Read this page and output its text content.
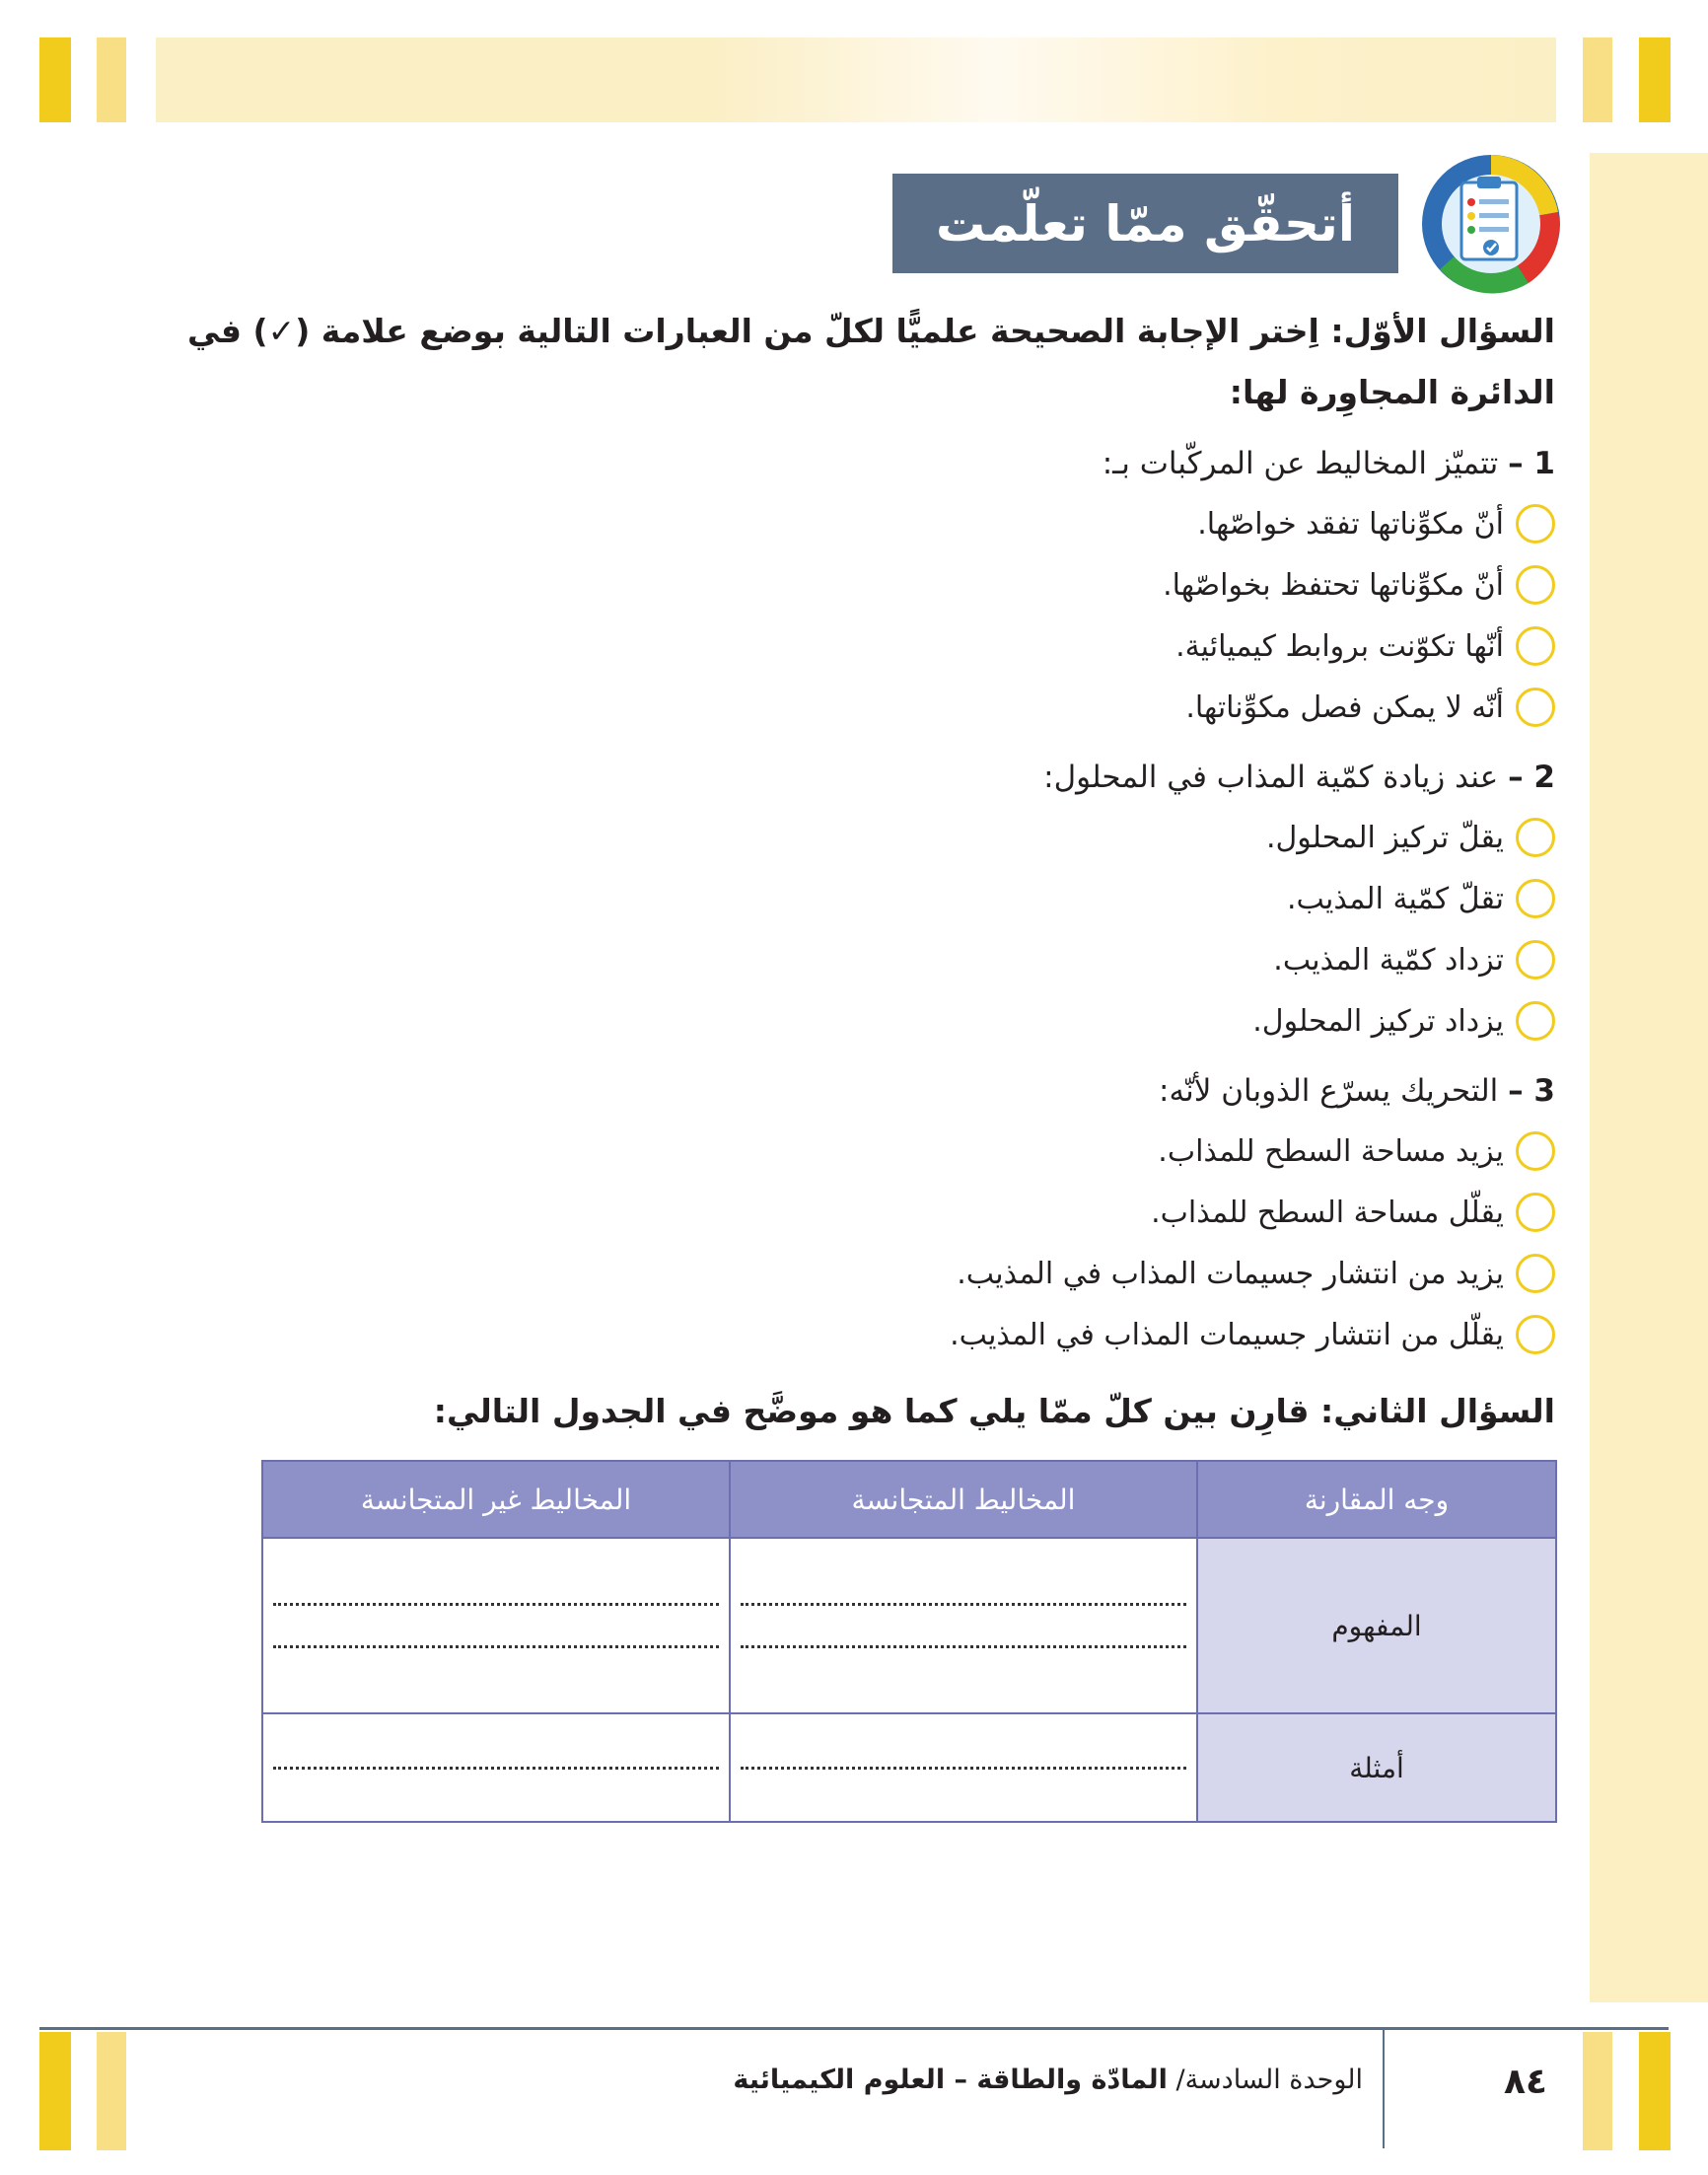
أتحقّق ممّا تعلّمت
السؤال الأوّل: اِختر الإجابة الصحيحة علميًّا لكلّ من العبارات التالية بوضع علامة (✓) في الدائرة المجاوِرة لها:
1 – تتميّز المخاليط عن المركّبات بـ:
أنّ مكوِّناتها تفقد خواصّها.
أنّ مكوِّناتها تحتفظ بخواصّها.
أنّها تكوّنت بروابط كيميائية.
أنّه لا يمكن فصل مكوِّناتها.
2 – عند زيادة كمّية المذاب في المحلول:
يقلّ تركيز المحلول.
تقلّ كمّية المذيب.
تزداد كمّية المذيب.
يزداد تركيز المحلول.
3 – التحريك يسرّع الذوبان لأنّه:
يزيد مساحة السطح للمذاب.
يقلّل مساحة السطح للمذاب.
يزيد من انتشار جسيمات المذاب في المذيب.
يقلّل من انتشار جسيمات المذاب في المذيب.
السؤال الثاني: قارِن بين كلّ ممّا يلي كما هو موضَّح في الجدول التالي:
وجه المقارنة	المخاليط المتجانسة	المخاليط غير المتجانسة
المفهوم	

أمثلة	

الوحدة السادسة/ المادّة والطاقة – العلوم الكيميائية	٨٤
